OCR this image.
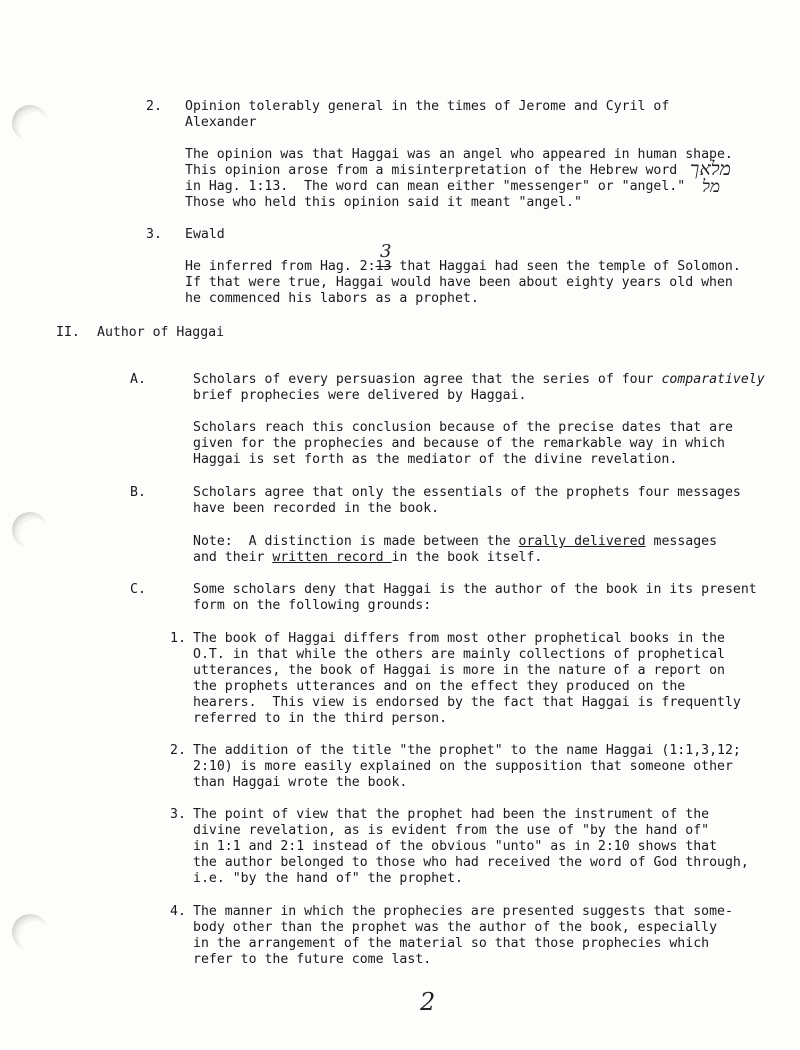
2. Opinion tolerably general in the times of Jerome and Cyril of
Alexander
The opinion was that Haggai was an angel who appeared in human shape.
This opinion arose from a misinterpretation of the Hebrew word
in Hag. 1:13.  The word can mean either "messenger" or "angel."
Those who held this opinion said it meant "angel."
מלאך
מל
3. Ewald
3
He inferred from Hag. 2:13 that Haggai had seen the temple of Solomon.
If that were true, Haggai would have been about eighty years old when
he commenced his labors as a prophet.
II. Author of Haggai
A.	Scholars of every persuasion agree that the series of four comparatively
brief prophecies were delivered by Haggai.
Scholars reach this conclusion because of the precise dates that are
given for the prophecies and because of the remarkable way in which
Haggai is set forth as the mediator of the divine revelation.
B.	Scholars agree that only the essentials of the prophets four messages
have been recorded in the book.
Note:  A distinction is made between the orally delivered messages
and their written record in the book itself.
C.	Some scholars deny that Haggai is the author of the book in its present
form on the following grounds:
1. The book of Haggai differs from most other prophetical books in the
O.T. in that while the others are mainly collections of prophetical
utterances, the book of Haggai is more in the nature of a report on
the prophets utterances and on the effect they produced on the
hearers.  This view is endorsed by the fact that Haggai is frequently
referred to in the third person.
2. The addition of the title "the prophet" to the name Haggai (1:1,3,12;
2:10) is more easily explained on the supposition that someone other
than Haggai wrote the book.
3. The point of view that the prophet had been the instrument of the
divine revelation, as is evident from the use of "by the hand of"
in 1:1 and 2:1 instead of the obvious "unto" as in 2:10 shows that
the author belonged to those who had received the word of God through,
i.e. "by the hand of" the prophet.
4. The manner in which the prophecies are presented suggests that some-
body other than the prophet was the author of the book, especially
in the arrangement of the material so that those prophecies which
refer to the future come last.
2
